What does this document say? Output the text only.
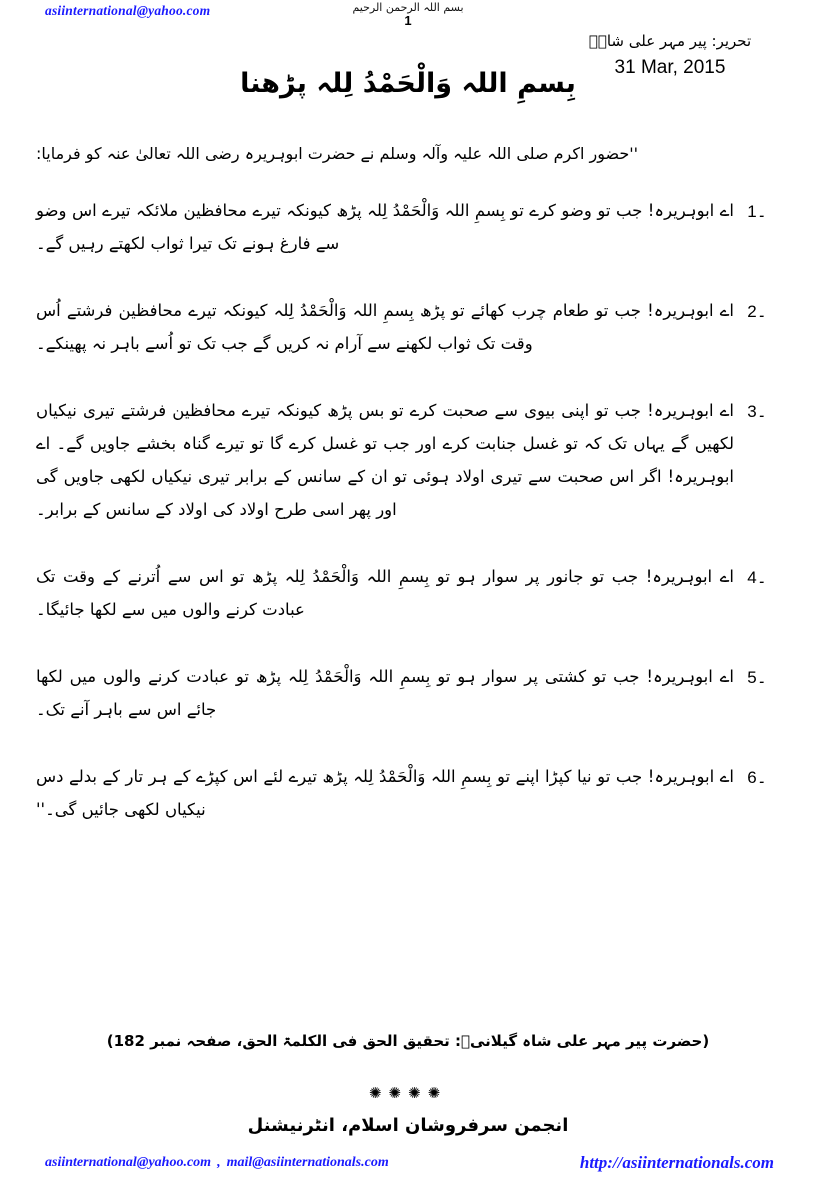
asiinternational@yahoo.com	بسم اللہ الرحمن الرحیم
1
تحریر: پیر مہر علی شاہؒ
31 Mar, 2015
بِسمِ اللہ وَالْحَمْدُ لِلہ پڑھنا

''حضور اکرم صلی اللہ علیہ وآلہ وسلم نے حضرت ابوہریرہ رضی اللہ تعالیٰ عنہ کو فرمایا:

1۔
اے ابوہریرہ! جب تو وضو کرے تو بِسمِ اللہ وَالْحَمْدُ لِلہ پڑھ کیونکہ تیرے محافظین ملائکہ تیرے اس وضو سے فارغ ہونے تک تیرا ثواب لکھتے رہیں گے۔
2۔
اے ابوہریرہ! جب تو طعام چرب کھائے تو پڑھ بِسمِ اللہ وَالْحَمْدُ لِلہ کیونکہ تیرے محافظین فرشتے اُس وقت تک ثواب لکھنے سے آرام نہ کریں گے جب تک تو اُسے باہر نہ پھینکے۔
3۔
اے ابوہریرہ! جب تو اپنی بیوی سے صحبت کرے تو بس پڑھ کیونکہ تیرے محافظین فرشتے تیری نیکیاں لکھیں گے یہاں تک کہ تو غسل جنابت کرے اور جب تو غسل کرے گا تو تیرے گناہ بخشے جاویں گے۔ اے ابوہریرہ! اگر اس صحبت سے تیری اولاد ہوئی تو ان کے سانس کے برابر تیری نیکیاں لکھی جاویں گی اور پھر اسی طرح اولاد کی اولاد کے سانس کے برابر۔
4۔
اے ابوہریرہ! جب تو جانور پر سوار ہو تو بِسمِ اللہ وَالْحَمْدُ لِلہ پڑھ تو اس سے اُترنے کے وقت تک عبادت کرنے والوں میں سے لکھا جائیگا۔
5۔
اے ابوہریرہ! جب تو کشتی پر سوار ہو تو بِسمِ اللہ وَالْحَمْدُ لِلہ پڑھ تو عبادت کرنے والوں میں لکھا جائے اس سے باہر آنے تک۔
6۔
اے ابوہریرہ! جب تو نیا کپڑا اپنے تو بِسمِ اللہ وَالْحَمْدُ لِلہ پڑھ تیرے لئے اس کپڑے کے ہر تار کے بدلے دس نیکیاں لکھی جائیں گی۔''
(حضرت پیر مہر علی شاہ گیلانیؒ: تحقیق الحق فی الکلمۃ الحق، صفحہ نمبر 182)
✺✺✺✺
انجمن سرفروشان اسلام، انٹرنیشنل
asiinternational@yahoo.com , mail@asiinternationals.com	http://asiinternationals.com
